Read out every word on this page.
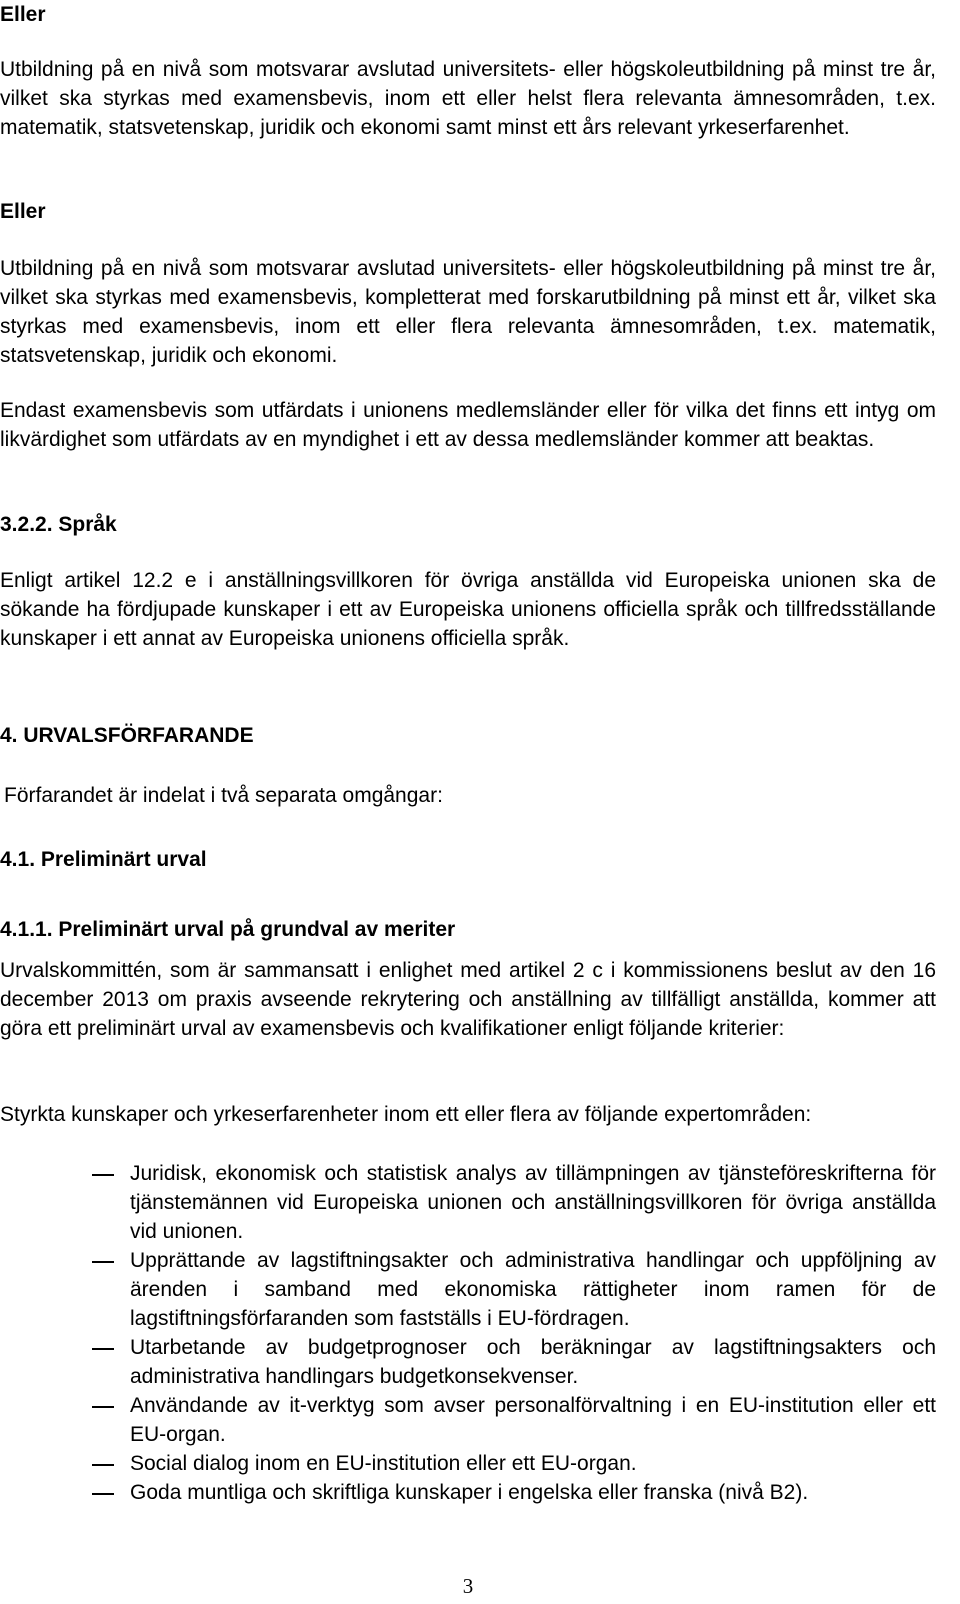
Eller

Utbildning på en nivå som motsvarar avslutad universitets- eller högskoleutbildning på minst tre år, vilket ska styrkas med examensbevis, inom ett eller helst flera relevanta ämnesområden, t.ex. matematik, statsvetenskap, juridik och ekonomi samt minst ett års relevant yrkeserfarenhet.

Eller

Utbildning på en nivå som motsvarar avslutad universitets- eller högskoleutbildning på minst tre år, vilket ska styrkas med examensbevis, kompletterat med forskarutbildning på minst ett år, vilket ska styrkas med examensbevis, inom ett eller flera relevanta ämnesområden, t.ex. matematik, statsvetenskap, juridik och ekonomi.

Endast examensbevis som utfärdats i unionens medlemsländer eller för vilka det finns ett intyg om likvärdighet som utfärdats av en myndighet i ett av dessa medlemsländer kommer att beaktas.

3.2.2. Språk

Enligt artikel 12.2 e i anställningsvillkoren för övriga anställda vid Europeiska unionen ska de sökande ha fördjupade kunskaper i ett av Europeiska unionens officiella språk och tillfredsställande kunskaper i ett annat av Europeiska unionens officiella språk.

4. URVALSFÖRFARANDE

Förfarandet är indelat i två separata omgångar:

4.1. Preliminärt urval
4.1.1. Preliminärt urval på grundval av meriter

Urvalskommittén, som är sammansatt i enlighet med artikel 2 c i kommissionens beslut av den 16 december 2013 om praxis avseende rekrytering och anställning av tillfälligt anställda, kommer att göra ett preliminärt urval av examensbevis och kvalifikationer enligt följande kriterier:

Styrkta kunskaper och yrkeserfarenheter inom ett eller flera av följande expertområden:

Juridisk, ekonomisk och statistisk analys av tillämpningen av tjänsteföreskrifterna för tjänstemännen vid Europeiska unionen och anställningsvillkoren för övriga anställda vid unionen.
Upprättande av lagstiftningsakter och administrativa handlingar och uppföljning av ärenden i samband med ekonomiska rättigheter inom ramen för de lagstiftningsförfaranden som fastställs i EU-fördragen.
Utarbetande av budgetprognoser och beräkningar av lagstiftningsakters och administrativa handlingars budgetkonsekvenser.
Användande av it-verktyg som avser personalförvaltning i en EU-institution eller ett EU-organ.
Social dialog inom en EU-institution eller ett EU-organ.
Goda muntliga och skriftliga kunskaper i engelska eller franska (nivå B2).
3
